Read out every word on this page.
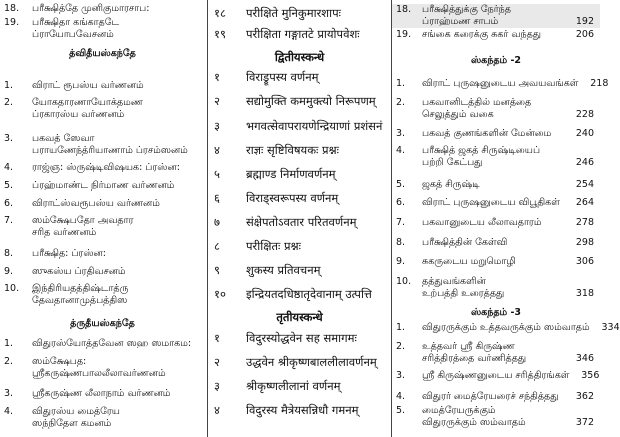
18.	பரீக்ஷித்தே முனிகுமாரசாப:
19.	பரீக்ஷிதா கங்காதடே
ப்ராயோபவேசனம்
த்விதீயஸ்கந்தே
1.	விராட் ரூபஸ்ய வர்ணனம்
2.	யோகதாரணாயோக்தமண
ப்ரகாரஸ்ய வர்ணனம்
3.	பகவத் ஸேவா
பராயணேந்த்ரியாணாம் ப்ரசம்ஸனம்
4.	ராஜ்ஞ: ஸ்ருஷ்டிவிஷயக: ப்ரஸ்ன:
5.	ப்ரஹ்மாண்ட நிர்மாண வர்ணனம்
6.	விராட்ஸ்வரூபஸ்ய வர்ணனம்
7.	ஸம்க்ஷேபதோ அவதார
சரித வர்ணனம்
8.	பரீக்ஷித: ப்ரஸ்ன:
9.	ஸுகஸ்ய ப்ரதிவசனம்
10.	இந்திரியதத்திஷ்டாத்ரு
தேவதானாமுத்பத்திஸ
த்ருதீயஸ்கந்தே
1.	விதுரஸ்யோத்தவேன ஸஹ ஸமாகம:
2.	ஸம்க்ஷேபத:
ஸ்ரீகருஷ்ணபாலலீலாவர்ணனம்
3.	ஸ்ரீகருஷ்ண லீலாநாம் வர்ணனம்
4.	விதுரஸ்ய மைத்ரேய
ஸந்நிதேள கமனம்
१८	परीक्षिते मुनिकुमारशापः
१९	परीक्षिता गङ्गातटे प्रायोपवेशः
द्वितीयस्कन्धे
१	विराड्रूपस्य वर्णनम्
२	सद्योमुक्ति कममुक्त्यो निरूपणम्
३	भगवत्सेवापरायणेन्द्रियाणां प्रशंसनं
४	राज्ञः सृष्टिविषयकः प्रश्नः
५	ब्रह्माण्ड निर्माणवर्णनम्
६	विराड्स्वरूपस्य वर्णनम्
७	संक्षेपतोऽवतार परितवर्णनम्
८	परीक्षितः प्रश्नः
९	शुकस्य प्रतिवचनम्
१०	इन्द्रियतदधिष्ठातृदेवानाम् उत्पत्ति
तृतीयस्कन्धे
१	विदुरस्योद्धवेन सह समागमः
२	उद्धवेन श्रीकृष्णबाललीलावर्णनम्
३	श्रीकृष्णलीलानां वर्णनम्
४	विदुरस्य मैत्रेयसन्निधौ गमनम्
18.	பரீக்ஷித்துக்கு நேர்ந்த
ப்ராஹ்மண சாபம்	192
19.	சங்கை கரைக்கு சுகர் வந்தது	206
ஸ்கந்தம் -2
1.	விராட் புருஷனுடைய அவயவங்கள்	218
2.	பகவானிடத்தில் மனத்தை
செலுத்தும் வகை	228
3.	பகவத் குணங்களின் மேன்மை	240
4.	பரீக்ஷித் ஜகத் சிருஷ்டியைப்
பற்றி கேட்பது	246
5.	ஜகத் சிருஷ்டி	254
6.	விராட் புருஷனுடைய விபூதிகள்	264
7.	பகவானுடைய லீலாவதாரம்	278
8.	பரீக்ஷித்தின் கேள்வி	298
9.	சுகருடைய மறுமொழி	306
10.	தத்துவங்களின்
உற்பத்தி உரைத்தது	318
ஸ்கந்தம் -3
1.	விதுரருக்கும் உத்தவருக்கும் ஸம்வாதம்	334
2.	உத்தவர் ஸ்ரீ கிருஷ்ண
சரித்திரத்தை வர்ணித்தது	346
3.	ஸ்ரீ கிருஷ்ணனுடைய சரித்திரங்கள்	356
4.	விதுரர் மைத்ரேயரைச் சந்தித்தது	362
5.	மைத்ரேயருக்கும்
விதுரருக்கும் ஸம்வாதம்	372
